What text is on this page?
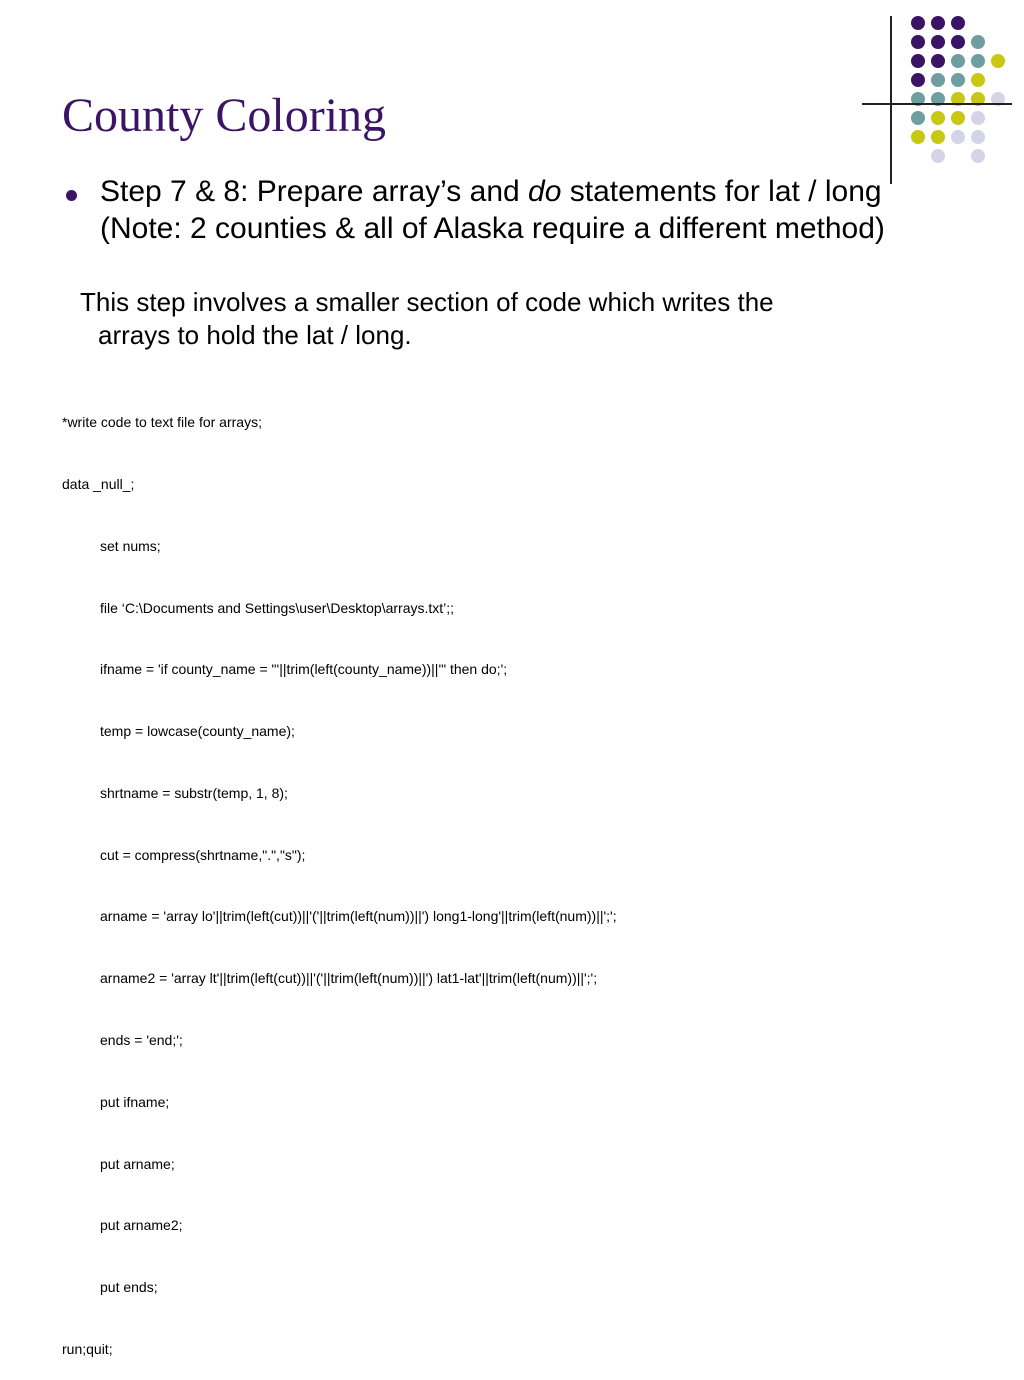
County Coloring
Step 7 & 8: Prepare array’s and do statements for lat / long (Note: 2 counties & all of Alaska require a different method)
This step involves a smaller section of code which writes the
arrays to hold the lat / long.

*write code to text file for arrays;

data _null_;

set nums;

file ‘C:\Documents and Settings\user\Desktop\arrays.txt’;;

ifname = 'if county_name = "'||trim(left(county_name))||'" then do;';

temp = lowcase(county_name);

shrtname = substr(temp, 1, 8);

cut = compress(shrtname,".","s");

arname = 'array lo'||trim(left(cut))||'('||trim(left(num))||') long1-long'||trim(left(num))||';';

arname2 = 'array lt'||trim(left(cut))||'('||trim(left(num))||') lat1-lat'||trim(left(num))||';';

ends = 'end;';

put ifname;

put arname;

put arname2;

put ends;

run;quit;
